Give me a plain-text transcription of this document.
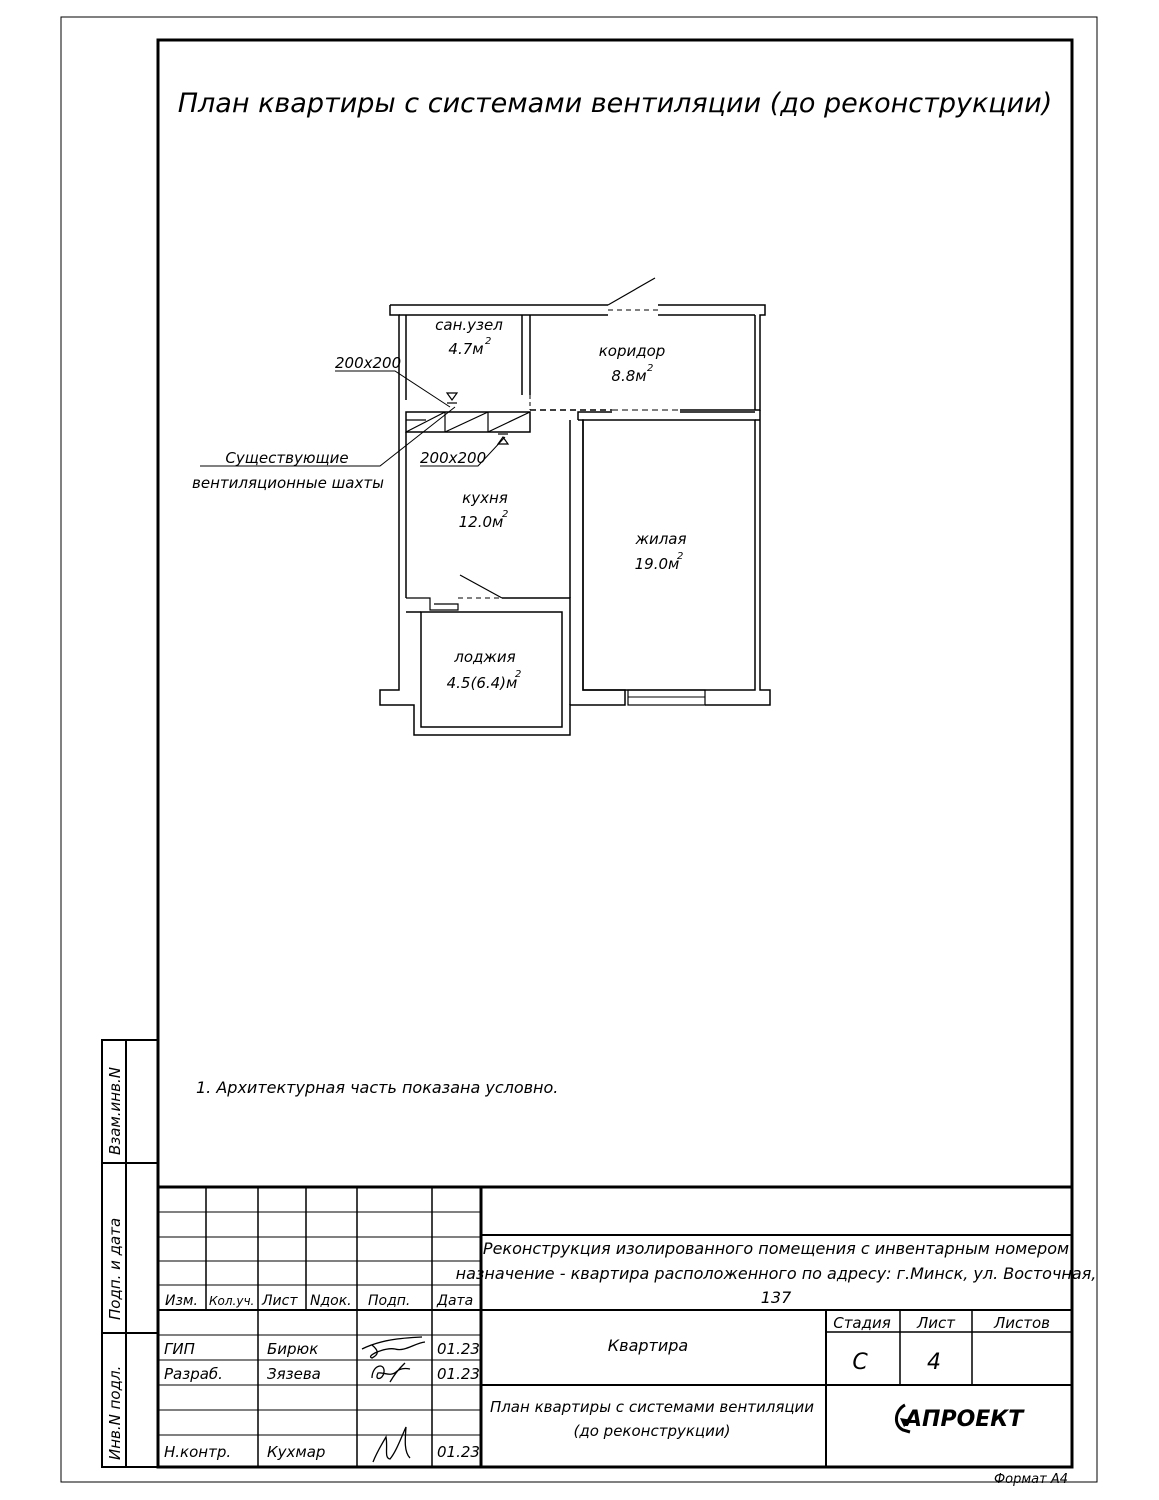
Взам.инв.N
Подп. и дата
Инв.N подл.
План квартиры с системами вентиляции (до реконструкции)
сан.узел
4.7м 2
коридор
8.8м 2
кухня
12.0м
2
жилая
19.0м
2
лоджия
4.5(6.4)м
2
200х200
200х200
Существующие
вентиляционные шахты
1. Архитектурная часть показана условно.
Изм. Кол.уч. Лист Nдок. Подп. Дата
ГИП	Бирюк	01.23
Разраб.	Зязева	01.23
Н.контр. Кухмар	01.23
Реконструкция изолированного помещения с инвентарным номером
назначение - квартира расположенного по адресу: г.Минск, ул. Восточная,
137
Квартира
План квартиры с системами вентиляции
(до реконструкции)
Стадия Лист	Листов
С	4
АПРОЕКТ
Формат А4
